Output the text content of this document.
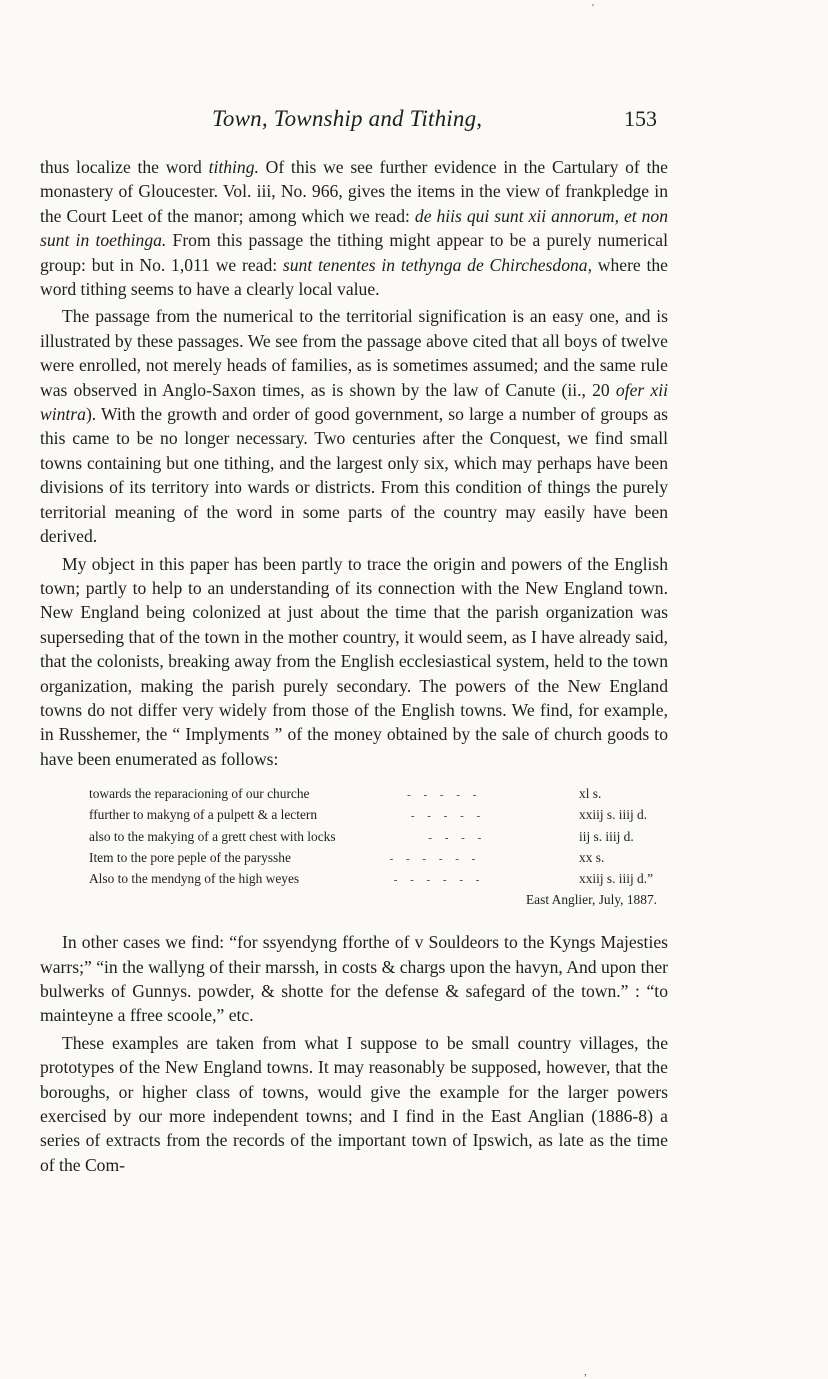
'
Town, Township and Tithing,	153

thus localize the word tithing. Of this we see further evidence in the Cartulary of the monastery of Gloucester. Vol. iii, No. 966, gives the items in the view of frankpledge in the Court Leet of the manor; among which we read: de hiis qui sunt xii annorum, et non sunt in toethinga. From this passage the tithing might appear to be a purely numerical group: but in No. 1,011 we read: sunt tenentes in tethynga de Chirchesdona, where the word tithing seems to have a clearly local value.

The passage from the numerical to the territorial signification is an easy one, and is illustrated by these passages. We see from the passage above cited that all boys of twelve were enrolled, not merely heads of families, as is sometimes assumed; and the same rule was observed in Anglo-Saxon times, as is shown by the law of Canute (ii., 20 ofer xii wintra). With the growth and order of good government, so large a number of groups as this came to be no longer necessary. Two centuries after the Conquest, we find small towns containing but one tithing, and the largest only six, which may perhaps have been divisions of its territory into wards or districts. From this condition of things the purely territorial meaning of the word in some parts of the country may easily have been derived.

My object in this paper has been partly to trace the origin and powers of the English town; partly to help to an understanding of its connection with the New England town. New England being colonized at just about the time that the parish organization was superseding that of the town in the mother country, it would seem, as I have already said, that the colonists, breaking away from the English ecclesiastical system, held to the town organization, making the parish purely secondary. The powers of the New England towns do not differ very widely from those of the English towns. We find, for example, in Russhemer, the “ Implyments ” of the money obtained by the sale of church goods to have been enumerated as follows:

towards the reparacioning of our churche	- - - - -	xl s.
ffurther to makyng of a pulpett & a lectern	- - - - -	xxiij s. iiij d.
also to the makying of a grett chest with locks	- - - -	iij s. iiij d.
Item to the pore peple of the parysshe	- - - - - -	xx s.
Also to the mendyng of the high weyes	- - - - - -	xxiij s. iiij d.”
East Anglier, July, 1887.

In other cases we find: “for ssyendyng fforthe of v Souldeors to the Kyngs Majesties warrs;” “in the wallyng of their marssh, in costs & chargs upon the havyn, And upon ther bulwerks of Gunnys. powder, & shotte for the defense & safegard of the town.” : “to mainteyne a ffree scoole,” etc.

These examples are taken from what I suppose to be small country villages, the prototypes of the New England towns. It may reasonably be supposed, however, that the boroughs, or higher class of towns, would give the example for the larger powers exercised by our more independent towns; and I find in the East Anglian (1886-8) a series of extracts from the records of the important town of Ipswich, as late as the time of the Com-

,
